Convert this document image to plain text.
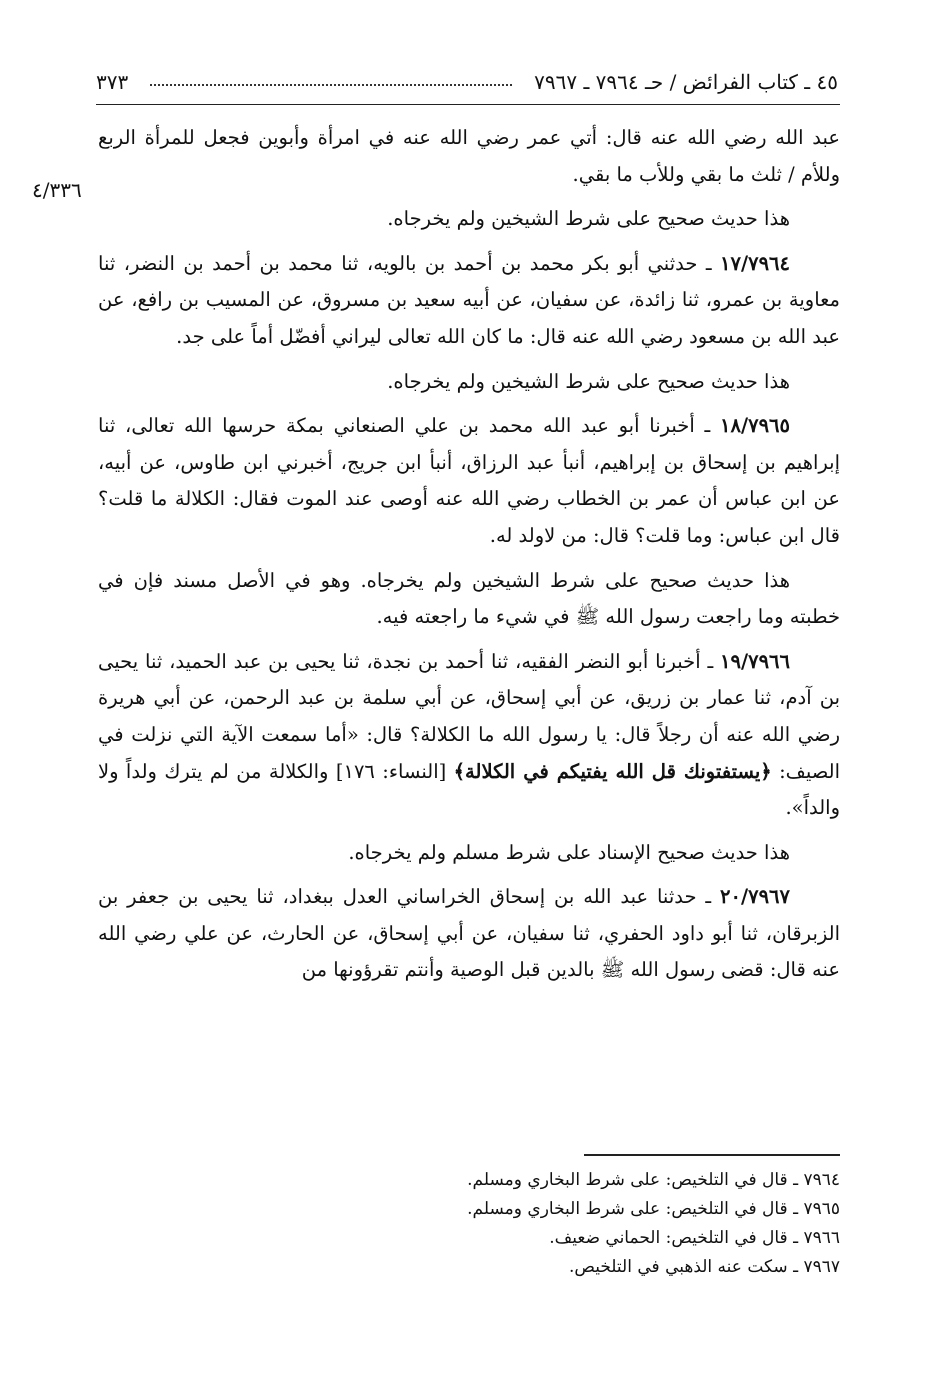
٤٥ ـ كتاب الفرائض / حـ ٧٩٦٤ ـ ٧٩٦٧
٣٧٣
٤/٣٣٦

عبد الله رضي الله عنه قال: أتي عمر رضي الله عنه في امرأة وأبوين فجعل للمرأة الربع وللأم / ثلث ما بقي وللأب ما بقي.

هذا حديث صحيح على شرط الشيخين ولم يخرجاه.

١٧/٧٩٦٤ ـ حدثني أبو بكر محمد بن أحمد بن بالويه، ثنا محمد بن أحمد بن النضر، ثنا معاوية بن عمرو، ثنا زائدة، عن سفيان، عن أبيه سعيد بن مسروق، عن المسيب بن رافع، عن عبد الله بن مسعود رضي الله عنه قال: ما كان الله تعالى ليراني أفضّل أماً على جد.

هذا حديث صحيح على شرط الشيخين ولم يخرجاه.

١٨/٧٩٦٥ ـ أخبرنا أبو عبد الله محمد بن علي الصنعاني بمكة حرسها الله تعالى، ثنا إبراهيم بن إسحاق بن إبراهيم، أنبأ عبد الرزاق، أنبأ ابن جريج، أخبرني ابن طاوس، عن أبيه، عن ابن عباس أن عمر بن الخطاب رضي الله عنه أوصى عند الموت فقال: الكلالة ما قلت؟ قال ابن عباس: وما قلت؟ قال: من لاولد له.

هذا حديث صحيح على شرط الشيخين ولم يخرجاه. وهو في الأصل مسند فإن في خطبته وما راجعت رسول الله ﷺ في شيء ما راجعته فيه.

١٩/٧٩٦٦ ـ أخبرنا أبو النضر الفقيه، ثنا أحمد بن نجدة، ثنا يحيى بن عبد الحميد، ثنا يحيى بن آدم، ثنا عمار بن زريق، عن أبي إسحاق، عن أبي سلمة بن عبد الرحمن، عن أبي هريرة رضي الله عنه أن رجلاً قال: يا رسول الله ما الكلالة؟ قال: «أما سمعت الآية التي نزلت في الصيف: ﴿يستفتونك قل الله يفتيكم في الكلالة﴾ [النساء: ١٧٦] والكلالة من لم يترك ولداً ولا والداً».

هذا حديث صحيح الإسناد على شرط مسلم ولم يخرجاه.

٢٠/٧٩٦٧ ـ حدثنا عبد الله بن إسحاق الخراساني العدل ببغداد، ثنا يحيى بن جعفر بن الزبرقان، ثنا أبو داود الحفري، ثنا سفيان، عن أبي إسحاق، عن الحارث، عن علي رضي الله عنه قال: قضى رسول الله ﷺ بالدين قبل الوصية وأنتم تقرؤونها من

٧٩٦٤ ـ قال في التلخيص: على شرط البخاري ومسلم.

٧٩٦٥ ـ قال في التلخيص: على شرط البخاري ومسلم.

٧٩٦٦ ـ قال في التلخيص: الحماني ضعيف.

٧٩٦٧ ـ سكت عنه الذهبي في التلخيص.
